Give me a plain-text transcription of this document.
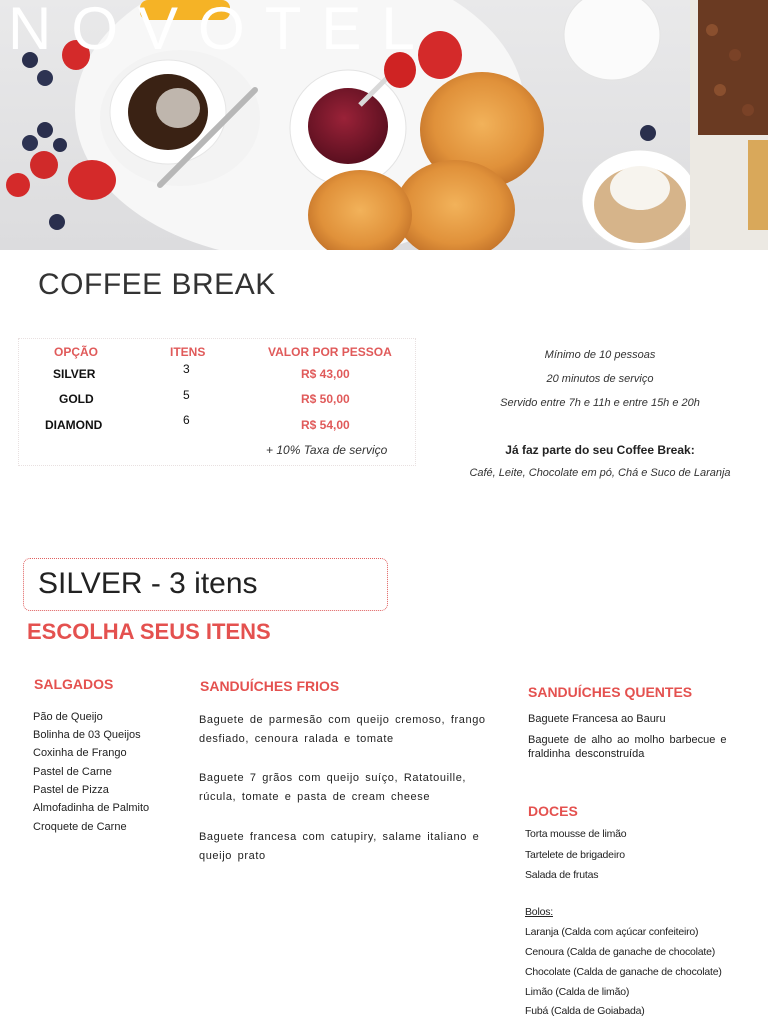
NOVOTEL
COFFEE BREAK
OPÇÃO	ITENS	VALOR POR PESSOA
SILVER	3	R$ 43,00
GOLD	5	R$ 50,00
DIAMOND	6	R$ 54,00
+ 10% Taxa de serviço
Mínimo de 10 pessoas
20 minutos de serviço
Servido entre 7h e 11h e entre 15h e 20h
Já faz parte do seu Coffee Break:
Café, Leite, Chocolate em pó, Chá e Suco de Laranja
SILVER - 3 itens
ESCOLHA SEUS ITENS
SALGADOS
Pão de Queijo
Bolinha de 03 Queijos
Coxinha de Frango
Pastel de Carne
Pastel de Pizza
Almofadinha de Palmito
Croquete de Carne
SANDUÍCHES FRIOS
Baguete de parmesão com queijo cremoso, frango desfiado, cenoura ralada e tomate
Baguete 7 grãos com queijo suíço, Ratatouille, rúcula, tomate e pasta de cream cheese
Baguete francesa com catupiry, salame italiano e queijo prato
SANDUÍCHES QUENTES
Baguete Francesa ao Bauru
Baguete de alho ao molho barbecue e fraldinha desconstruída
DOCES
Torta mousse de limão
Tartelete de brigadeiro
Salada de frutas
Bolos:
Laranja (Calda com açúcar confeiteiro)
Cenoura (Calda de ganache de chocolate)
Chocolate (Calda de ganache de chocolate)
Limão (Calda de limão)
Fubá (Calda de Goiabada)
